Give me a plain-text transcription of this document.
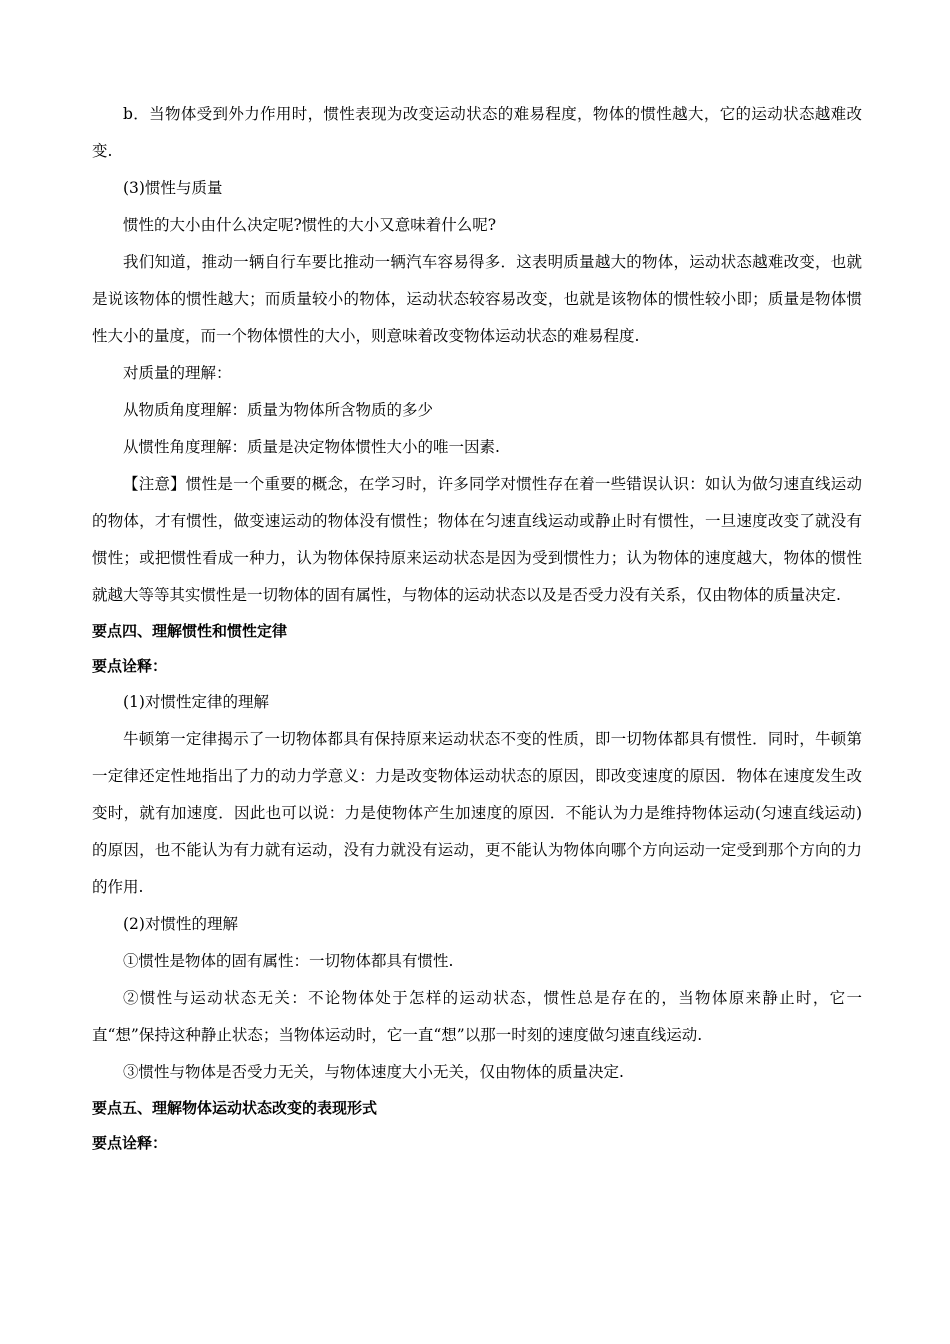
b．当物体受到外力作用时，惯性表现为改变运动状态的难易程度，物体的惯性越大，它的运动状态越难改变.

(3)惯性与质量

惯性的大小由什么决定呢?惯性的大小又意味着什么呢?

我们知道，推动一辆自行车要比推动一辆汽车容易得多．这表明质量越大的物体，运动状态越难改变，也就是说该物体的惯性越大；而质量较小的物体，运动状态较容易改变，也就是该物体的惯性较小即；质量是物体惯性大小的量度，而一个物体惯性的大小，则意味着改变物体运动状态的难易程度.

对质量的理解：

从物质角度理解：质量为物体所含物质的多少

从惯性角度理解：质量是决定物体惯性大小的唯一因素.

【注意】惯性是一个重要的概念，在学习时，许多同学对惯性存在着一些错误认识：如认为做匀速直线运动的物体，才有惯性，做变速运动的物体没有惯性；物体在匀速直线运动或静止时有惯性，一旦速度改变了就没有惯性；或把惯性看成一种力，认为物体保持原来运动状态是因为受到惯性力；认为物体的速度越大，物体的惯性就越大等等其实惯性是一切物体的固有属性，与物体的运动状态以及是否受力没有关系，仅由物体的质量决定.

要点四、理解惯性和惯性定律

要点诠释：

(1)对惯性定律的理解

牛顿第一定律揭示了一切物体都具有保持原来运动状态不变的性质，即一切物体都具有惯性．同时，牛顿第一定律还定性地指出了力的动力学意义：力是改变物体运动状态的原因，即改变速度的原因．物体在速度发生改变时，就有加速度．因此也可以说：力是使物体产生加速度的原因．不能认为力是维持物体运动(匀速直线运动)的原因，也不能认为有力就有运动，没有力就没有运动，更不能认为物体向哪个方向运动一定受到那个方向的力的作用.

(2)对惯性的理解

①惯性是物体的固有属性：一切物体都具有惯性.

②惯性与运动状态无关：不论物体处于怎样的运动状态，惯性总是存在的，当物体原来静止时，它一直“想”保持这种静止状态；当物体运动时，它一直“想”以那一时刻的速度做匀速直线运动.

③惯性与物体是否受力无关，与物体速度大小无关，仅由物体的质量决定.

要点五、理解物体运动状态改变的表现形式

要点诠释：
